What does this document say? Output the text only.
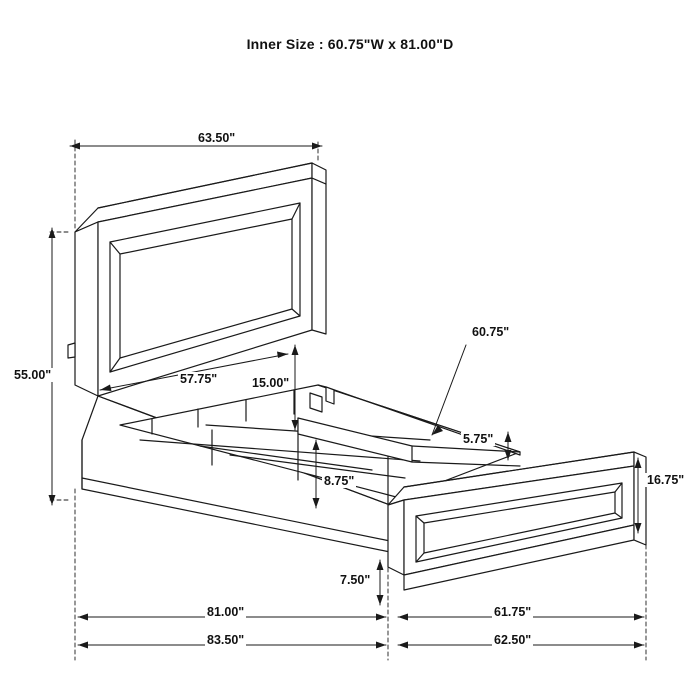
Inner Size : 60.75"W x 81.00"D
63.50"
55.00"	57.75"	15.00"
60.75"
5.75"
8.75"	16.75"
7.50"
81.00"	61.75"
83.50"	62.50"
